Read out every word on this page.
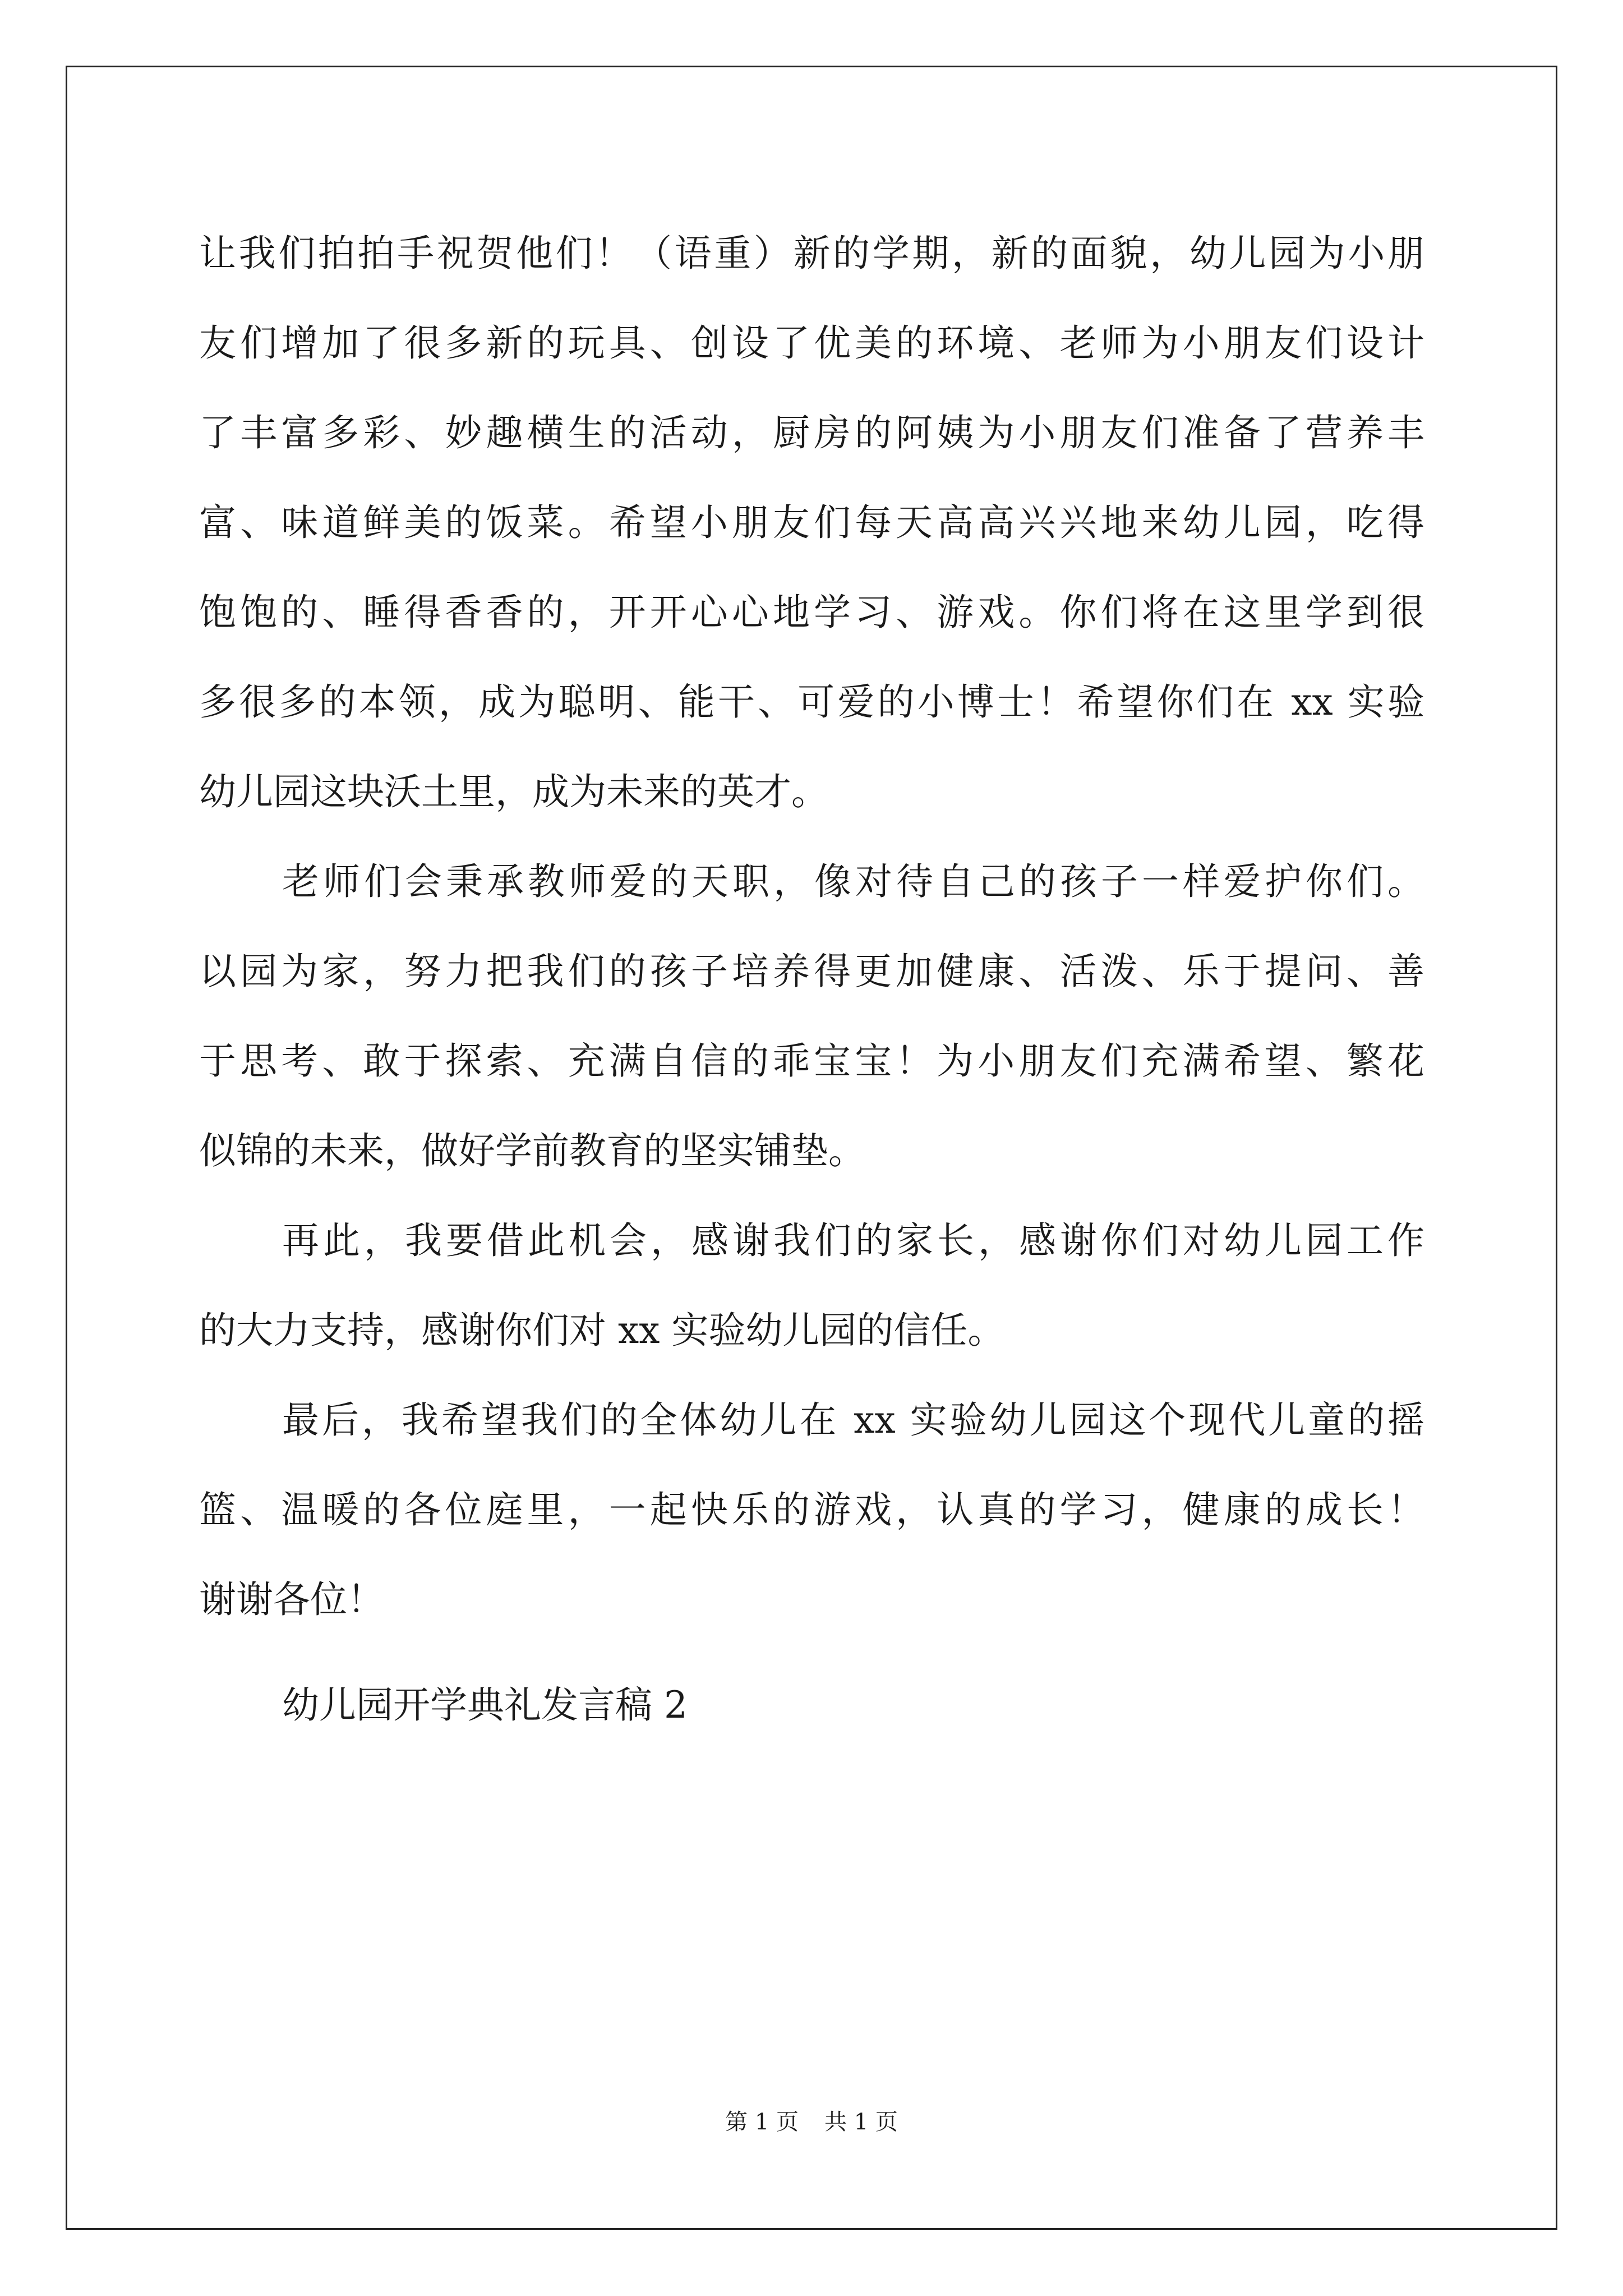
让我们拍拍手祝贺他们！（语重）新的学期，新的面貌，幼儿园为小朋
友们增加了很多新的玩具、创设了优美的环境、老师为小朋友们设计
了丰富多彩、妙趣横生的活动，厨房的阿姨为小朋友们准备了营养丰
富、味道鲜美的饭菜。希望小朋友们每天高高兴兴地来幼儿园，吃得
饱饱的、睡得香香的，开开心心地学习、游戏。你们将在这里学到很
多很多的本领，成为聪明、能干、可爱的小博士！希望你们在 xx 实验
幼儿园这块沃土里，成为未来的英才。
老师们会秉承教师爱的天职，像对待自己的孩子一样爱护你们。
以园为家，努力把我们的孩子培养得更加健康、活泼、乐于提问、善
于思考、敢于探索、充满自信的乖宝宝！为小朋友们充满希望、繁花
似锦的未来，做好学前教育的坚实铺垫。
再此，我要借此机会，感谢我们的家长，感谢你们对幼儿园工作
的大力支持，感谢你们对 xx 实验幼儿园的信任。
最后，我希望我们的全体幼儿在 xx 实验幼儿园这个现代儿童的摇
篮、温暖的各位庭里，一起快乐的游戏，认真的学习，健康的成长！
谢谢各位！
幼儿园开学典礼发言稿 2
第 1 页 共 1 页
